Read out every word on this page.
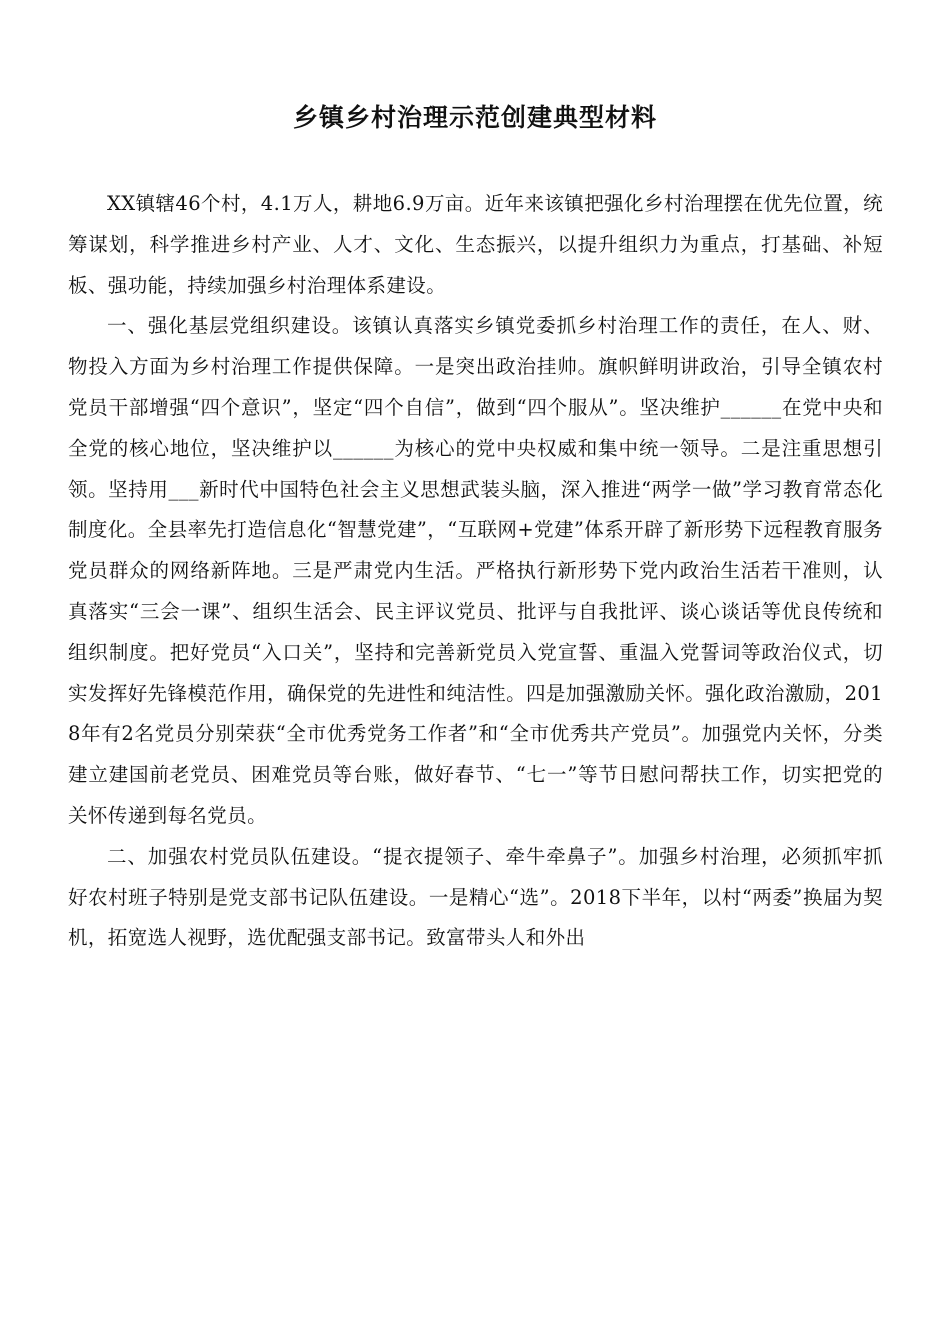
乡镇乡村治理示范创建典型材料

XX镇辖46个村，4.1万人，耕地6.9万亩。近年来该镇把强化乡村治理摆在优先位置，统筹谋划，科学推进乡村产业、人才、文化、生态振兴，以提升组织力为重点，打基础、补短板、强功能，持续加强乡村治理体系建设。

一、强化基层党组织建设。该镇认真落实乡镇党委抓乡村治理工作的责任，在人、财、物投入方面为乡村治理工作提供保障。一是突出政治挂帅。旗帜鲜明讲政治，引导全镇农村党员干部增强“四个意识”，坚定“四个自信”，做到“四个服从”。坚决维护______在党中央和全党的核心地位，坚决维护以______为核心的党中央权威和集中统一领导。二是注重思想引领。坚持用___新时代中国特色社会主义思想武装头脑，深入推进“两学一做”学习教育常态化制度化。全县率先打造信息化“智慧党建”，“互联网+党建”体系开辟了新形势下远程教育服务党员群众的网络新阵地。三是严肃党内生活。严格执行新形势下党内政治生活若干准则，认真落实“三会一课”、组织生活会、民主评议党员、批评与自我批评、谈心谈话等优良传统和组织制度。把好党员“入口关”，坚持和完善新党员入党宣誓、重温入党誓词等政治仪式，切实发挥好先锋模范作用，确保党的先进性和纯洁性。四是加强激励关怀。强化政治激励，2018年有2名党员分别荣获“全市优秀党务工作者”和“全市优秀共产党员”。加强党内关怀，分类建立建国前老党员、困难党员等台账，做好春节、“七一”等节日慰问帮扶工作，切实把党的关怀传递到每名党员。

二、加强农村党员队伍建设。“提衣提领子、牵牛牵鼻子”。加强乡村治理，必须抓牢抓好农村班子特别是党支部书记队伍建设。一是精心“选”。2018下半年，以村“两委”换届为契机，拓宽选人视野，选优配强支部书记。致富带头人和外出
